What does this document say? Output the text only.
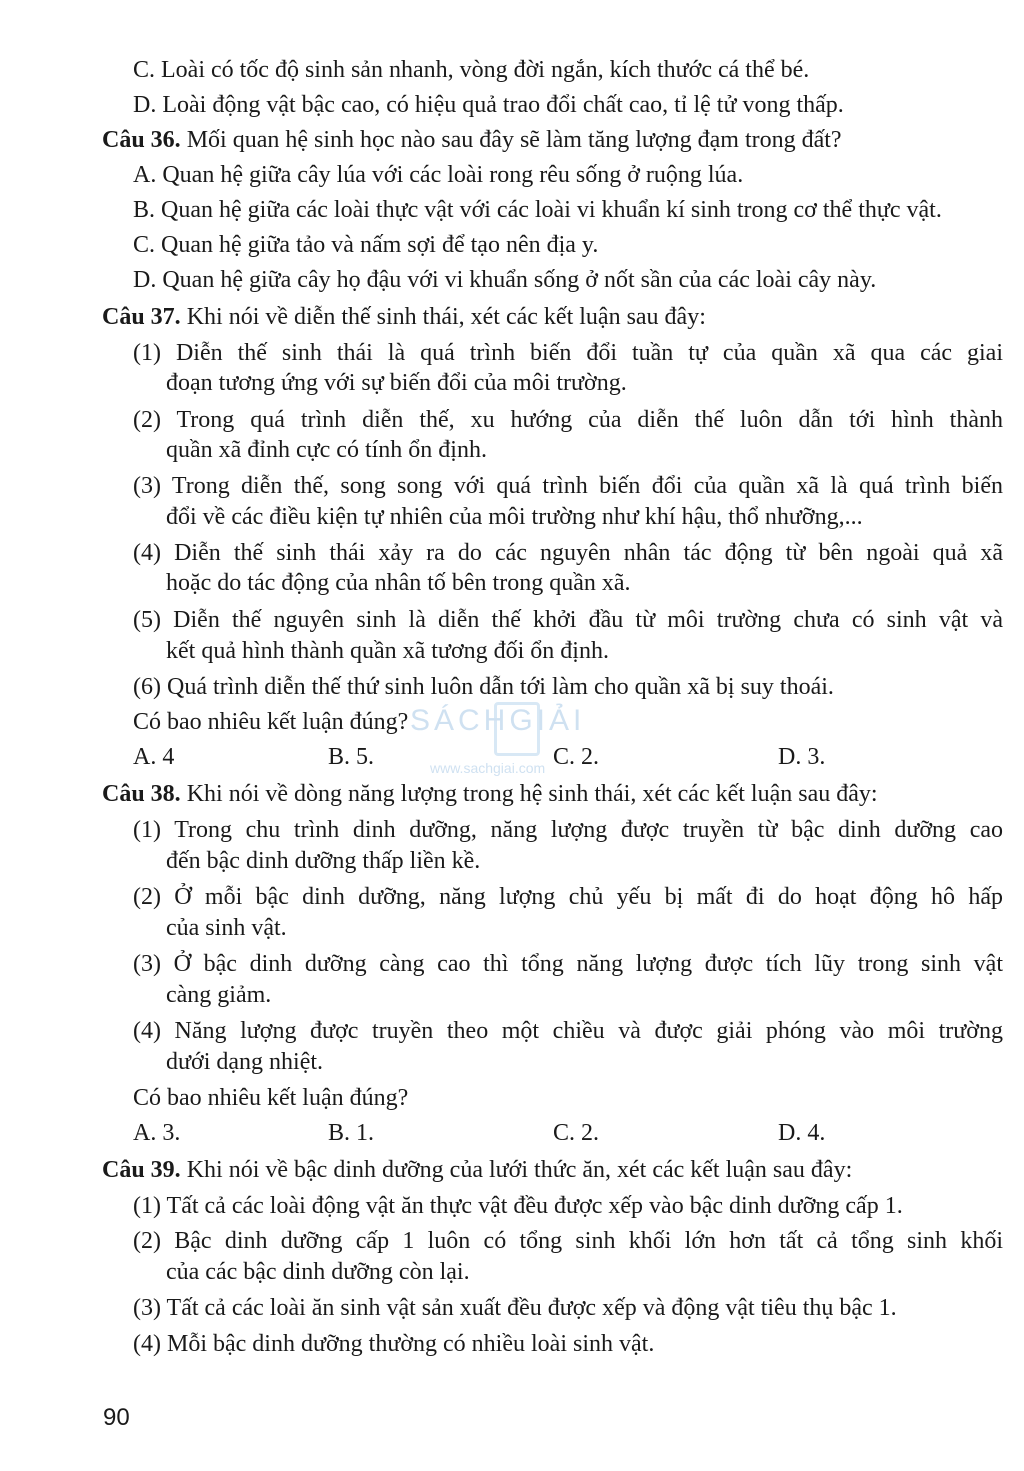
C. Loài có tốc độ sinh sản nhanh, vòng đời ngắn, kích thước cá thể bé.
D. Loài động vật bậc cao, có hiệu quả trao đổi chất cao, tỉ lệ tử vong thấp.
Câu 36. Mối quan hệ sinh học nào sau đây sẽ làm tăng lượng đạm trong đất?
A. Quan hệ giữa cây lúa với các loài rong rêu sống ở ruộng lúa.
B. Quan hệ giữa các loài thực vật với các loài vi khuẩn kí sinh trong cơ thể thực vật.
C. Quan hệ giữa tảo và nấm sợi để tạo nên địa y.
D. Quan hệ giữa cây họ đậu với vi khuẩn sống ở nốt sần của các loài cây này.
Câu 37. Khi nói về diễn thế sinh thái, xét các kết luận sau đây:
(1) Diễn thế sinh thái là quá trình biến đổi tuần tự của quần xã qua các giai
đoạn tương ứng với sự biến đổi của môi trường.
(2) Trong quá trình diễn thế, xu hướng của diễn thế luôn dẫn tới hình thành
quần xã đỉnh cực có tính ổn định.
(3) Trong diễn thế, song song với quá trình biến đổi của quần xã là quá trình biến
đổi về các điều kiện tự nhiên của môi trường như khí hậu, thổ nhưỡng,...
(4) Diễn thế sinh thái xảy ra do các nguyên nhân tác động từ bên ngoài quả xã
hoặc do tác động của nhân tố bên trong quần xã.
(5) Diễn thế nguyên sinh là diễn thế khởi đầu từ môi trường chưa có sinh vật và
kết quả hình thành quần xã tương đối ổn định.
(6) Quá trình diễn thế thứ sinh luôn dẫn tới làm cho quần xã bị suy thoái.
Có bao nhiêu kết luận đúng?
A. 4	B. 5.	C. 2.	D. 3.
Câu 38. Khi nói về dòng năng lượng trong hệ sinh thái, xét các kết luận sau đây:
(1) Trong chu trình dinh dưỡng, năng lượng được truyền từ bậc dinh dưỡng cao
đến bậc dinh dưỡng thấp liền kề.
(2) Ở mỗi bậc dinh dưỡng, năng lượng chủ yếu bị mất đi do hoạt động hô hấp
của sinh vật.
(3) Ở bậc dinh dưỡng càng cao thì tổng năng lượng được tích lũy trong sinh vật
càng giảm.
(4) Năng lượng được truyền theo một chiều và được giải phóng vào môi trường
dưới dạng nhiệt.
Có bao nhiêu kết luận đúng?
A. 3.	B. 1.	C. 2.	D. 4.
Câu 39. Khi nói về bậc dinh dưỡng của lưới thức ăn, xét các kết luận sau đây:
(1) Tất cả các loài động vật ăn thực vật đều được xếp vào bậc dinh dưỡng cấp 1.
(2) Bậc dinh dưỡng cấp 1 luôn có tổng sinh khối lớn hơn tất cả tổng sinh khối
của các bậc dinh dưỡng còn lại.
(3) Tất cả các loài ăn sinh vật sản xuất đều được xếp và động vật tiêu thụ bậc 1.
(4) Mỗi bậc dinh dưỡng thường có nhiều loài sinh vật.
SÁCHGIẢI
www.sachgiai.com
90
